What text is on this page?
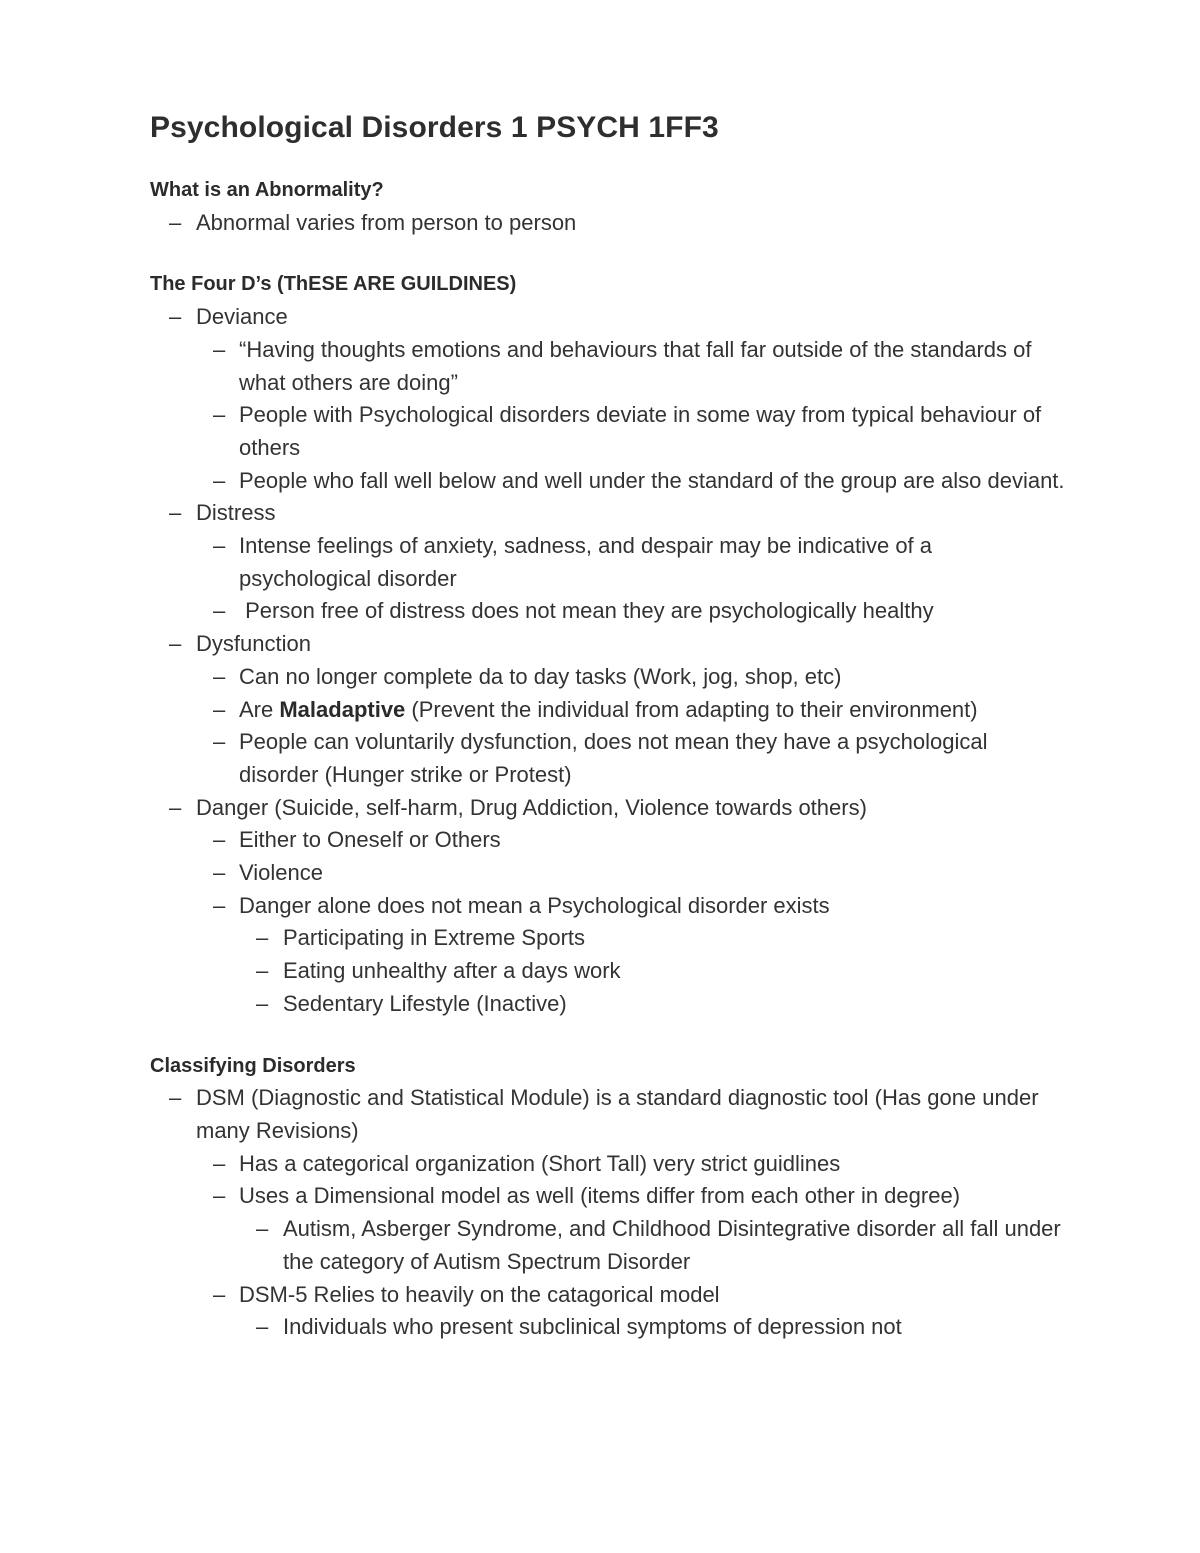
Psychological Disorders 1 PSYCH 1FF3
What is an Abnormality?
– Abnormal varies from person to person
The Four D’s (ThESE ARE GUILDINES)
– Deviance
– “Having thoughts emotions and behaviours that fall far outside of the standards of what others are doing”
– People with Psychological disorders deviate in some way from typical behaviour of others
– People who fall well below and well under the standard of the group are also deviant.
– Distress
– Intense feelings of anxiety, sadness, and despair may be indicative of a psychological disorder
– Person free of distress does not mean they are psychologically healthy
– Dysfunction
– Can no longer complete da to day tasks (Work, jog, shop, etc)
– Are Maladaptive (Prevent the individual from adapting to their environment)
– People can voluntarily dysfunction, does not mean they have a psychological disorder (Hunger strike or Protest)
– Danger (Suicide, self-harm, Drug Addiction, Violence towards others)
– Either to Oneself or Others
– Violence
– Danger alone does not mean a Psychological disorder exists
– Participating in Extreme Sports
– Eating unhealthy after a days work
– Sedentary Lifestyle (Inactive)
Classifying Disorders
– DSM (Diagnostic and Statistical Module) is a standard diagnostic tool (Has gone under many Revisions)
– Has a categorical organization (Short Tall) very strict guidlines
– Uses a Dimensional model as well (items differ from each other in degree)
– Autism, Asberger Syndrome, and Childhood Disintegrative disorder all fall under the category of Autism Spectrum Disorder
– DSM-5 Relies to heavily on the catagorical model
– Individuals who present subclinical symptoms of depression not
